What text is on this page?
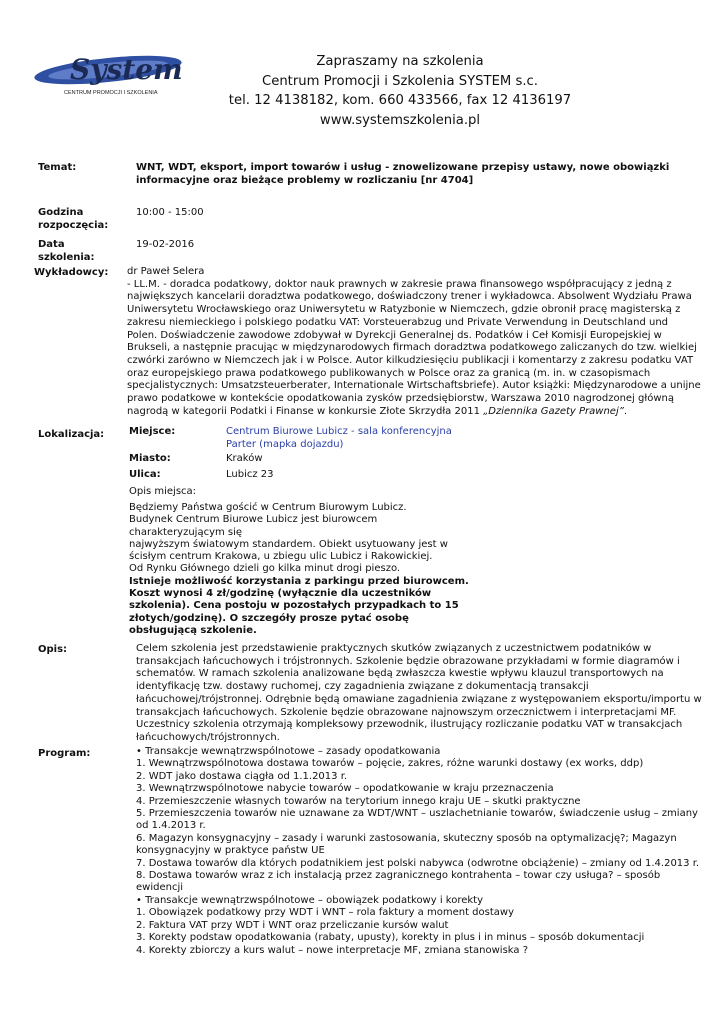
System
CENTRUM PROMOCJI I SZKOLENIA
Zapraszamy na szkolenia
Centrum Promocji i Szkolenia SYSTEM s.c.
tel. 12 4138182, kom. 660 433566, fax 12 4136197
www.systemszkolenia.pl
Temat:	WNT, WDT, eksport, import towarów i usług - znowelizowane przepisy ustawy, nowe obowiązki
informacyjne oraz bieżące problemy w rozliczaniu [nr 4704]
Godzina
rozpoczęcia:
10:00 - 15:00
Data
szkolenia:
19-02-2016
Wykładowcy: dr Paweł Selera
- LL.M. - doradca podatkowy, doktor nauk prawnych w zakresie prawa finansowego współpracujący z jedną z
największych kancelarii doradztwa podatkowego, doświadczony trener i wykładowca. Absolwent Wydziału Prawa
Uniwersytetu Wrocławskiego oraz Uniwersytetu w Ratyzbonie w Niemczech, gdzie obronił pracę magisterską z
zakresu niemieckiego i polskiego podatku VAT: Vorsteuerabzug und Private Verwendung in Deutschland und
Polen. Doświadczenie zawodowe zdobywał w Dyrekcji Generalnej ds. Podatków i Ceł Komisji Europejskiej w
Brukseli, a następnie pracując w międzynarodowych firmach doradztwa podatkowego zaliczanych do tzw. wielkiej
czwórki zarówno w Niemczech jak i w Polsce. Autor kilkudziesięciu publikacji i komentarzy z zakresu podatku VAT
oraz europejskiego prawa podatkowego publikowanych w Polsce oraz za granicą (m. in. w czasopismach
specjalistycznych: Umsatzsteuerberater, Internationale Wirtschaftsbriefe). Autor książki: Międzynarodowe a unijne
prawo podatkowe w kontekście opodatkowania zysków przedsiębiorstw, Warszawa 2010 nagrodzonej główną
nagrodą w kategorii Podatki i Finanse w konkursie Złote Skrzydła 2011 „Dziennika Gazety Prawnej”.
Lokalizacja: Miejsce:	Centrum Biurowe Lubicz - sala konferencyjna
Parter (mapka dojazdu)
Miasto:	Kraków
Ulica:	Lubicz 23
Opis miejsca:
Będziemy Państwa gościć w Centrum Biurowym Lubicz.
Budynek Centrum Biurowe Lubicz jest biurowcem
charakteryzującym się
najwyższym światowym standardem. Obiekt usytuowany jest w
ścisłym centrum Krakowa, u zbiegu ulic Lubicz i Rakowickiej.
Od Rynku Głównego dzieli go kilka minut drogi pieszo.
Istnieje możliwość korzystania z parkingu przed biurowcem.
Koszt wynosi 4 zł/godzinę (wyłącznie dla uczestników
szkolenia). Cena postoju w pozostałych przypadkach to 15
złotych/godzinę). O szczegóły prosze pytać osobę
obsługującą szkolenie.
Opis:	Celem szkolenia jest przedstawienie praktycznych skutków związanych z uczestnictwem podatników w
transakcjach łańcuchowych i trójstronnych. Szkolenie będzie obrazowane przykładami w formie diagramów i
schematów. W ramach szkolenia analizowane będą zwłaszcza kwestie wpływu klauzul transportowych na
identyfikację tzw. dostawy ruchomej, czy zagadnienia związane z dokumentacją transakcji
łańcuchowej/trójstronnej. Odrębnie będą omawiane zagadnienia związane z występowaniem eksportu/importu w
transakcjach łańcuchowych. Szkolenie będzie obrazowane najnowszym orzecznictwem i interpretacjami MF.
Uczestnicy szkolenia otrzymają kompleksowy przewodnik, ilustrujący rozliczanie podatku VAT w transakcjach
łańcuchowych/trójstronnych.
Program:	• Transakcje wewnątrzwspólnotowe – zasady opodatkowania
1. Wewnątrzwspólnotowa dostawa towarów – pojęcie, zakres, różne warunki dostawy (ex works, ddp)
2. WDT jako dostawa ciągła od 1.1.2013 r.
3. Wewnątrzwspólnotowe nabycie towarów – opodatkowanie w kraju przeznaczenia
4. Przemieszczenie własnych towarów na terytorium innego kraju UE – skutki praktyczne
5. Przemieszczenia towarów nie uznawane za WDT/WNT – uszlachetnianie towarów, świadczenie usług – zmiany
od 1.4.2013 r.
6. Magazyn konsygnacyjny – zasady i warunki zastosowania, skuteczny sposób na optymalizację?; Magazyn
konsygnacyjny w praktyce państw UE
7. Dostawa towarów dla których podatnikiem jest polski nabywca (odwrotne obciążenie) – zmiany od 1.4.2013 r.
8. Dostawa towarów wraz z ich instalacją przez zagranicznego kontrahenta – towar czy usługa? – sposób
ewidencji
• Transakcje wewnątrzwspólnotowe – obowiązek podatkowy i korekty
1. Obowiązek podatkowy przy WDT i WNT – rola faktury a moment dostawy
2. Faktura VAT przy WDT i WNT oraz przeliczanie kursów walut
3. Korekty podstaw opodatkowania (rabaty, upusty), korekty in plus i in minus – sposób dokumentacji
4. Korekty zbiorczy a kurs walut – nowe interpretacje MF, zmiana stanowiska ?
